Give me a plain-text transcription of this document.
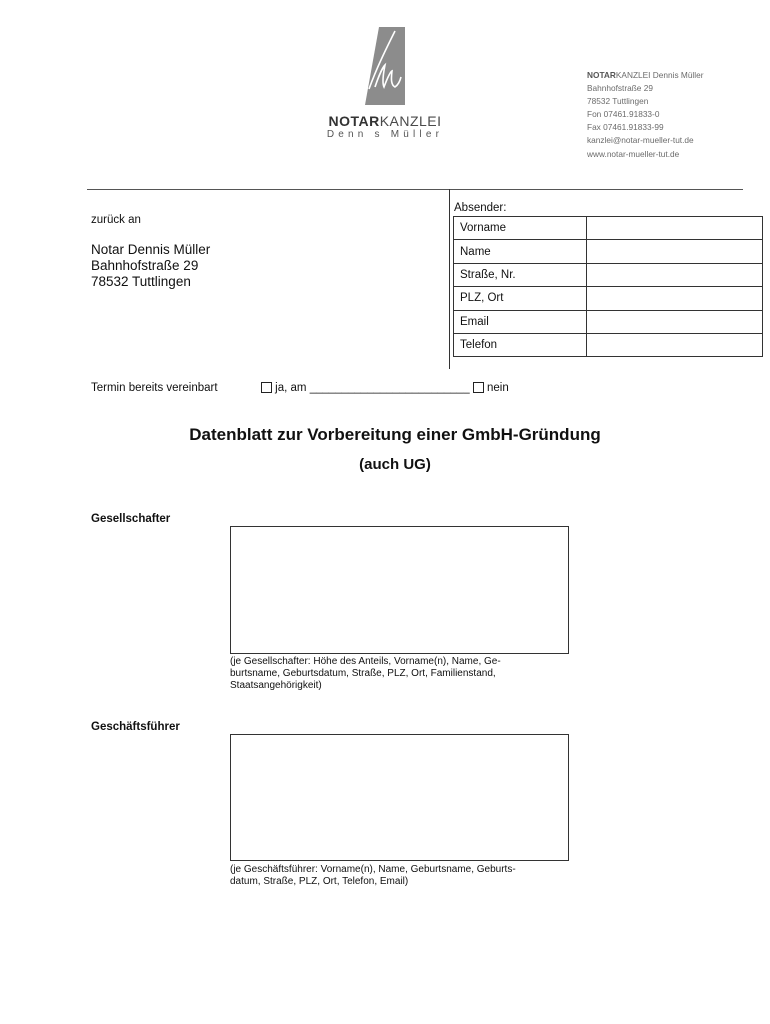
NOTARKANZLEI
Denn s Müller
NOTARKANZLEI Dennis Müller
Bahnhofstraße 29
78532 Tuttlingen
Fon 07461.91833-0
Fax 07461.91833-99
kanzlei@notar-mueller-tut.de
www.notar-mueller-tut.de
zurück an
Notar Dennis Müller
Bahnhofstraße 29
78532 Tuttlingen
Absender:
Vorname	
Name	
Straße, Nr.	
PLZ, Ort	
Email	
Telefon	
Termin bereits vereinbart	ja, am _________________________ nein
Datenblatt zur Vorbereitung einer GmbH-Gründung
(auch UG)
Gesellschafter
(je Gesellschafter: Höhe des Anteils, Vorname(n), Name, Ge-
burtsname, Geburtsdatum, Straße, PLZ, Ort, Familienstand,
Staatsangehörigkeit)
Geschäftsführer
(je Geschäftsführer: Vorname(n), Name, Geburtsname, Geburts-
datum, Straße, PLZ, Ort, Telefon, Email)
